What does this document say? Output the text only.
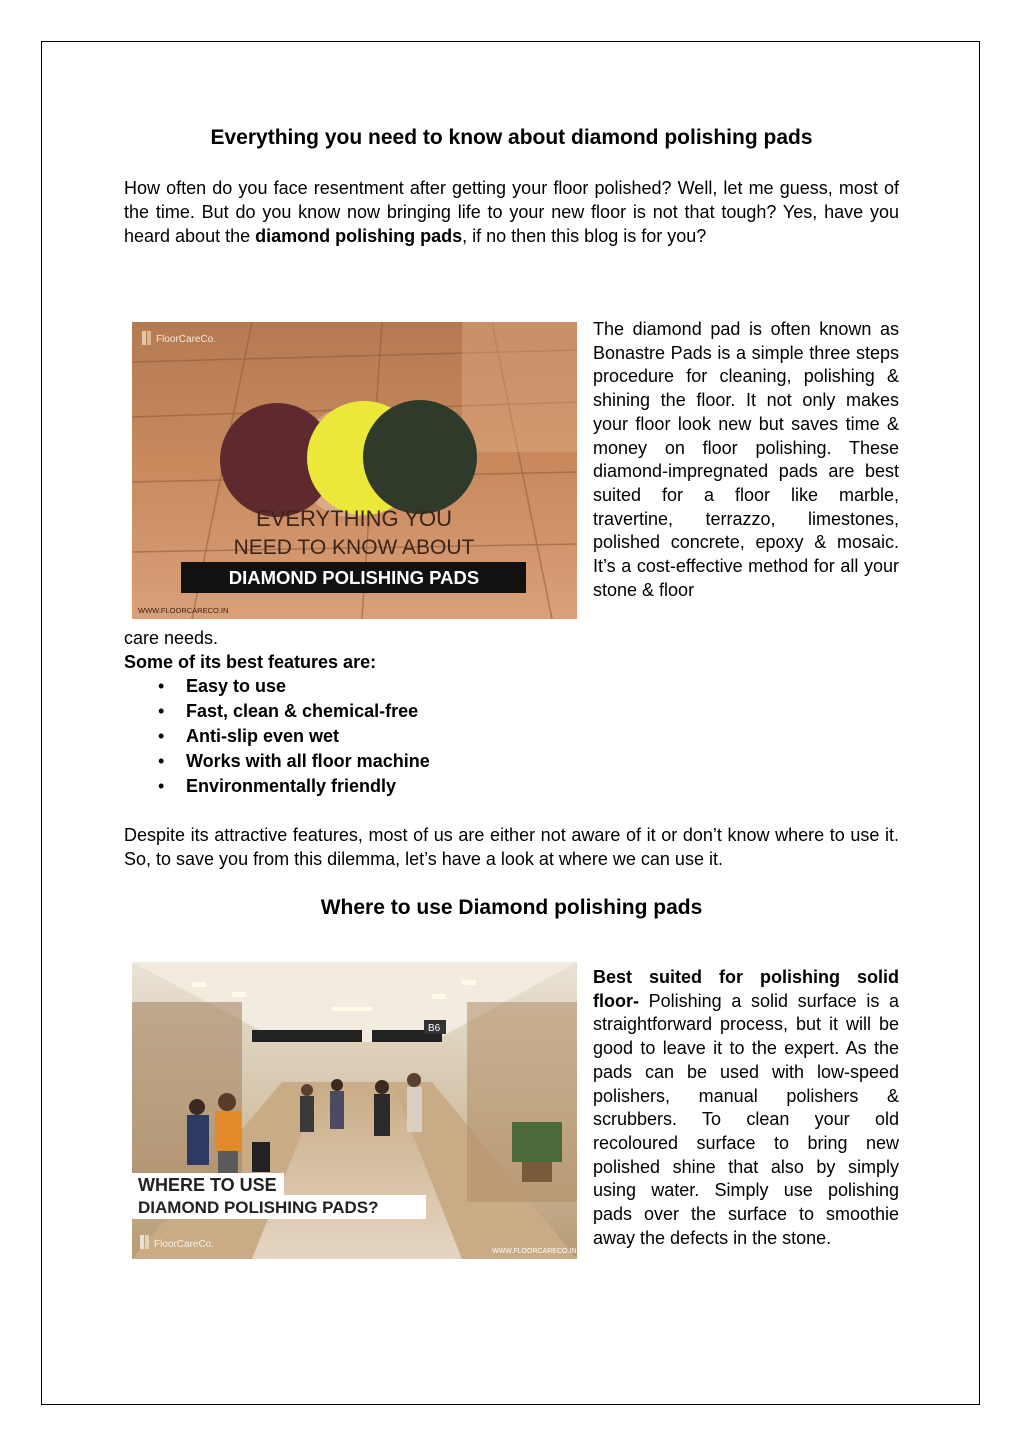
Everything you need to know about diamond polishing pads

How often do you face resentment after getting your floor polished? Well, let me guess, most of the time. But do you know now bringing life to your new floor is not that tough? Yes, have you heard about the diamond polishing pads, if no then this blog is for you?

FloorCareCo.
EVERYTHING YOU
NEED TO KNOW ABOUT
DIAMOND POLISHING PADS
WWW.FLOORCARECO.IN

The diamond pad is often known as Bonastre Pads is a simple three steps procedure for cleaning, polishing & shining the floor. It not only makes your floor look new but saves time & money on floor polishing. These diamond-impregnated pads are best suited for a floor like marble, travertine, terrazzo, limestones, polished concrete, epoxy & mosaic. It’s a cost-effective method for all your stone & floor

care needs.
Some of its best features are:
• Easy to use
• Fast, clean & chemical-free
• Anti-slip even wet
• Works with all floor machine
• Environmentally friendly

Despite its attractive features, most of us are either not aware of it or don’t know where to use it. So, to save you from this dilemma, let’s have a look at where we can use it.

Where to use Diamond polishing pads
B6
WHERE TO USE
DIAMOND POLISHING PADS?
FloorCareCo.
WWW.FLOORCARECO.IN

Best suited for polishing solid floor- Polishing a solid surface is a straightforward process, but it will be good to leave it to the expert. As the pads can be used with low-speed polishers, manual polishers & scrubbers. To clean your old recoloured surface to bring new polished shine that also by simply using water. Simply use polishing pads over the surface to smoothie away the defects in the stone.
